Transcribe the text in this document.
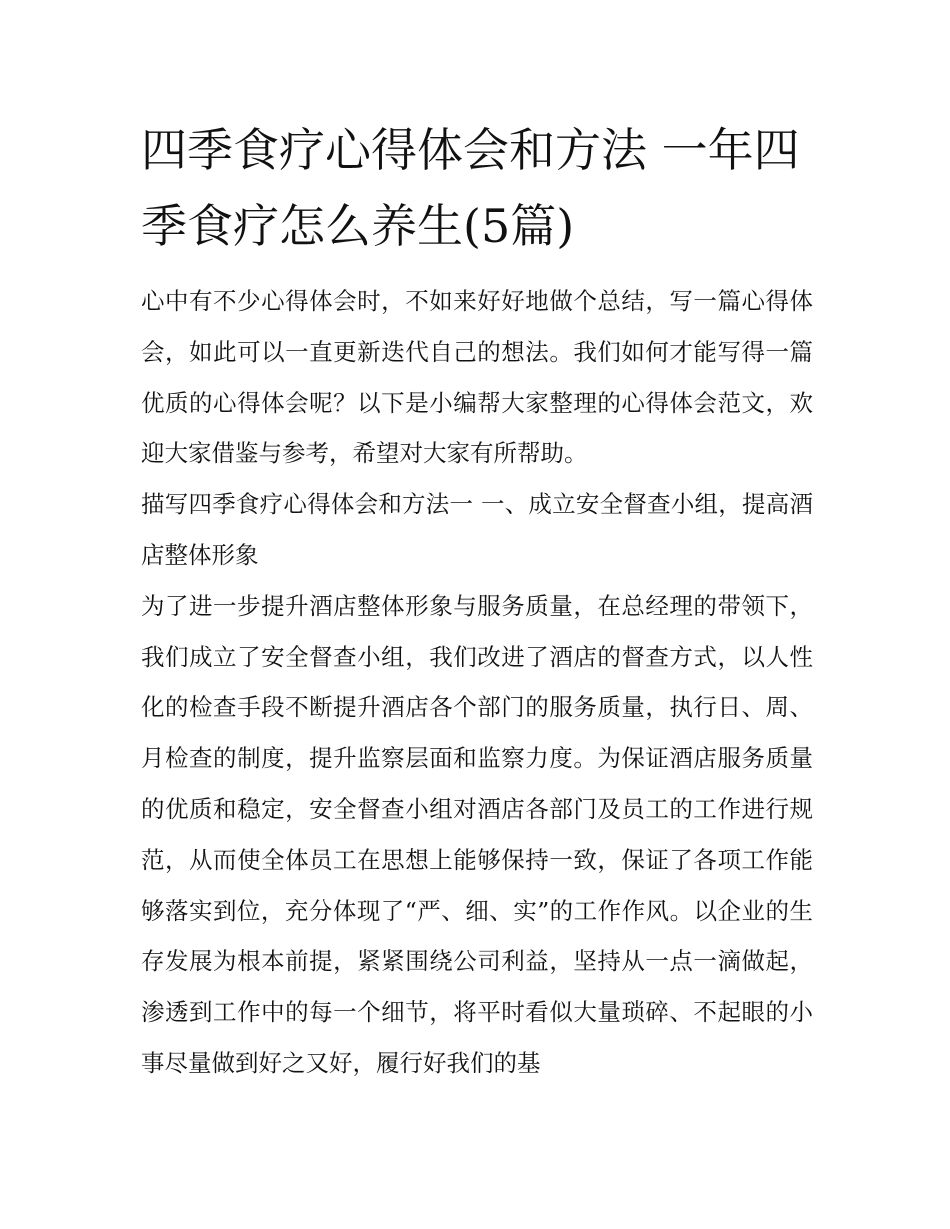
四季食疗心得体会和方法 一年四季食疗怎么养生(5篇)

心中有不少心得体会时，不如来好好地做个总结，写一篇心得体会，如此可以一直更新迭代自己的想法。我们如何才能写得一篇优质的心得体会呢？以下是小编帮大家整理的心得体会范文，欢迎大家借鉴与参考，希望对大家有所帮助。

描写四季食疗心得体会和方法一 一、成立安全督查小组，提高酒店整体形象

为了进一步提升酒店整体形象与服务质量，在总经理的带领下，我们成立了安全督查小组，我们改进了酒店的督查方式，以人性化的检查手段不断提升酒店各个部门的服务质量，执行日、周、月检查的制度，提升监察层面和监察力度。为保证酒店服务质量的优质和稳定，安全督查小组对酒店各部门及员工的工作进行规范，从而使全体员工在思想上能够保持一致，保证了各项工作能够落实到位，充分体现了“严、细、实”的工作作风。以企业的生存发展为根本前提，紧紧围绕公司利益，坚持从一点一滴做起，渗透到工作中的每一个细节，将平时看似大量琐碎、不起眼的小事尽量做到好之又好，履行好我们的基
